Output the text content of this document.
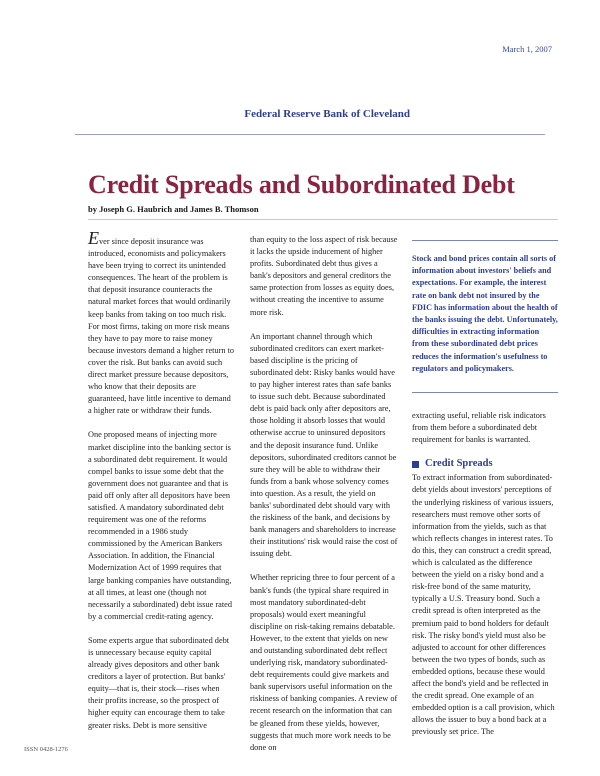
March 1, 2007
Federal Reserve Bank of Cleveland
Credit Spreads and Subordinated Debt
by Joseph G. Haubrich and James B. Thomson

Ever since deposit insurance was introduced, economists and policymakers have been trying to correct its unintended consequences. The heart of the problem is that deposit insurance counteracts the natural market forces that would ordinarily keep banks from taking on too much risk. For most firms, taking on more risk means they have to pay more to raise money because investors demand a higher return to cover the risk. But banks can avoid such direct market pressure because depositors, who know that their deposits are guaranteed, have little incentive to demand a higher rate or withdraw their funds.

One proposed means of injecting more market discipline into the banking sector is a subordinated debt requirement. It would compel banks to issue some debt that the government does not guarantee and that is paid off only after all depositors have been satisfied. A mandatory subordinated debt requirement was one of the reforms recommended in a 1986 study commissioned by the American Bankers Association. In addition, the Financial Modernization Act of 1999 requires that large banking companies have outstanding, at all times, at least one (though not necessarily a subordinated) debt issue rated by a commercial credit-rating agency.

Some experts argue that subordinated debt is unnecessary because equity capital already gives depositors and other bank creditors a layer of protection. But banks' equity—that is, their stock—rises when their profits increase, so the prospect of higher equity can encourage them to take greater risks. Debt is more sensitive

than equity to the loss aspect of risk because it lacks the upside inducement of higher profits. Subordinated debt thus gives a bank's depositors and general creditors the same protection from losses as equity does, without creating the incentive to assume more risk.

An important channel through which subordinated creditors can exert market-based discipline is the pricing of subordinated debt: Risky banks would have to pay higher interest rates than safe banks to issue such debt. Because subordinated debt is paid back only after depositors are, those holding it absorb losses that would otherwise accrue to uninsured depositors and the deposit insurance fund. Unlike depositors, subordinated creditors cannot be sure they will be able to withdraw their funds from a bank whose solvency comes into question. As a result, the yield on banks' subordinated debt should vary with the riskiness of the bank, and decisions by bank managers and shareholders to increase their institutions' risk would raise the cost of issuing debt.

Whether repricing three to four percent of a bank's funds (the typical share required in most mandatory subordinated-debt proposals) would exert meaningful discipline on risk-taking remains debatable. However, to the extent that yields on new and outstanding subordinated debt reflect underlying risk, mandatory subordinated-debt requirements could give markets and bank supervisors useful information on the riskiness of banking companies. A review of recent research on the information that can be gleaned from these yields, however, suggests that much more work needs to be done on

Stock and bond prices contain all sorts of information about investors' beliefs and expectations. For example, the interest rate on bank debt not insured by the FDIC has information about the health of the banks issuing the debt. Unfortunately, difficulties in extracting information from these subordinated debt prices reduces the information's usefulness to regulators and policymakers.

extracting useful, reliable risk indicators from them before a subordinated debt requirement for banks is warranted.

Credit Spreads

To extract information from subordinated-debt yields about investors' perceptions of the underlying riskiness of various issuers, researchers must remove other sorts of information from the yields, such as that which reflects changes in interest rates. To do this, they can construct a credit spread, which is calculated as the difference between the yield on a risky bond and a risk-free bond of the same maturity, typically a U.S. Treasury bond. Such a credit spread is often interpreted as the premium paid to bond holders for default risk. The risky bond's yield must also be adjusted to account for other differences between the two types of bonds, such as embedded options, because these would affect the bond's yield and be reflected in the credit spread. One example of an embedded option is a call provision, which allows the issuer to buy a bond back at a previously set price. The

ISSN 0428-1276
